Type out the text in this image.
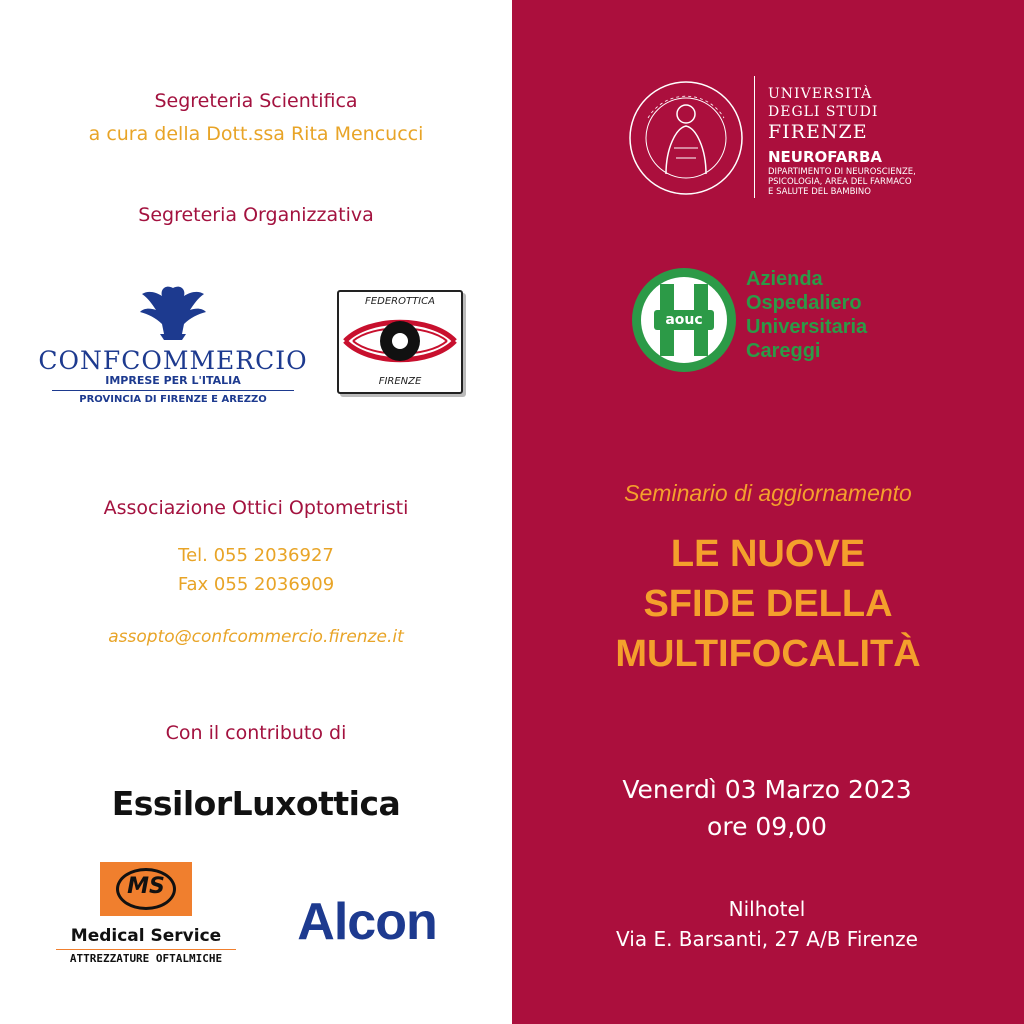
Segreteria Scientifica
a cura della Dott.ssa Rita Mencucci
Segreteria Organizzativa
CONFCOMMERCIO
IMPRESE PER L'ITALIA
PROVINCIA DI FIRENZE E AREZZO
FEDEROTTICA
FIRENZE
Associazione Ottici Optometristi
Tel. 055 2036927
Fax 055 2036909
assopto@confcommercio.firenze.it
Con il contributo di
EssilorLuxottica
MS
Medical Service
ATTREZZATURE OFTALMICHE
Alcon
UNIVERSITÀ
DEGLI STUDI
FIRENZE
NEUROFARBA
DIPARTIMENTO DI NEUROSCIENZE,
PSICOLOGIA, AREA DEL FARMACO
E SALUTE DEL BAMBINO
aouc
Azienda
Ospedaliero
Universitaria
Careggi
Seminario di aggiornamento
LE NUOVE
SFIDE DELLA
MULTIFOCALITÀ
Venerdì 03 Marzo 2023
ore 09,00
Nilhotel
Via E. Barsanti, 27 A/B Firenze
